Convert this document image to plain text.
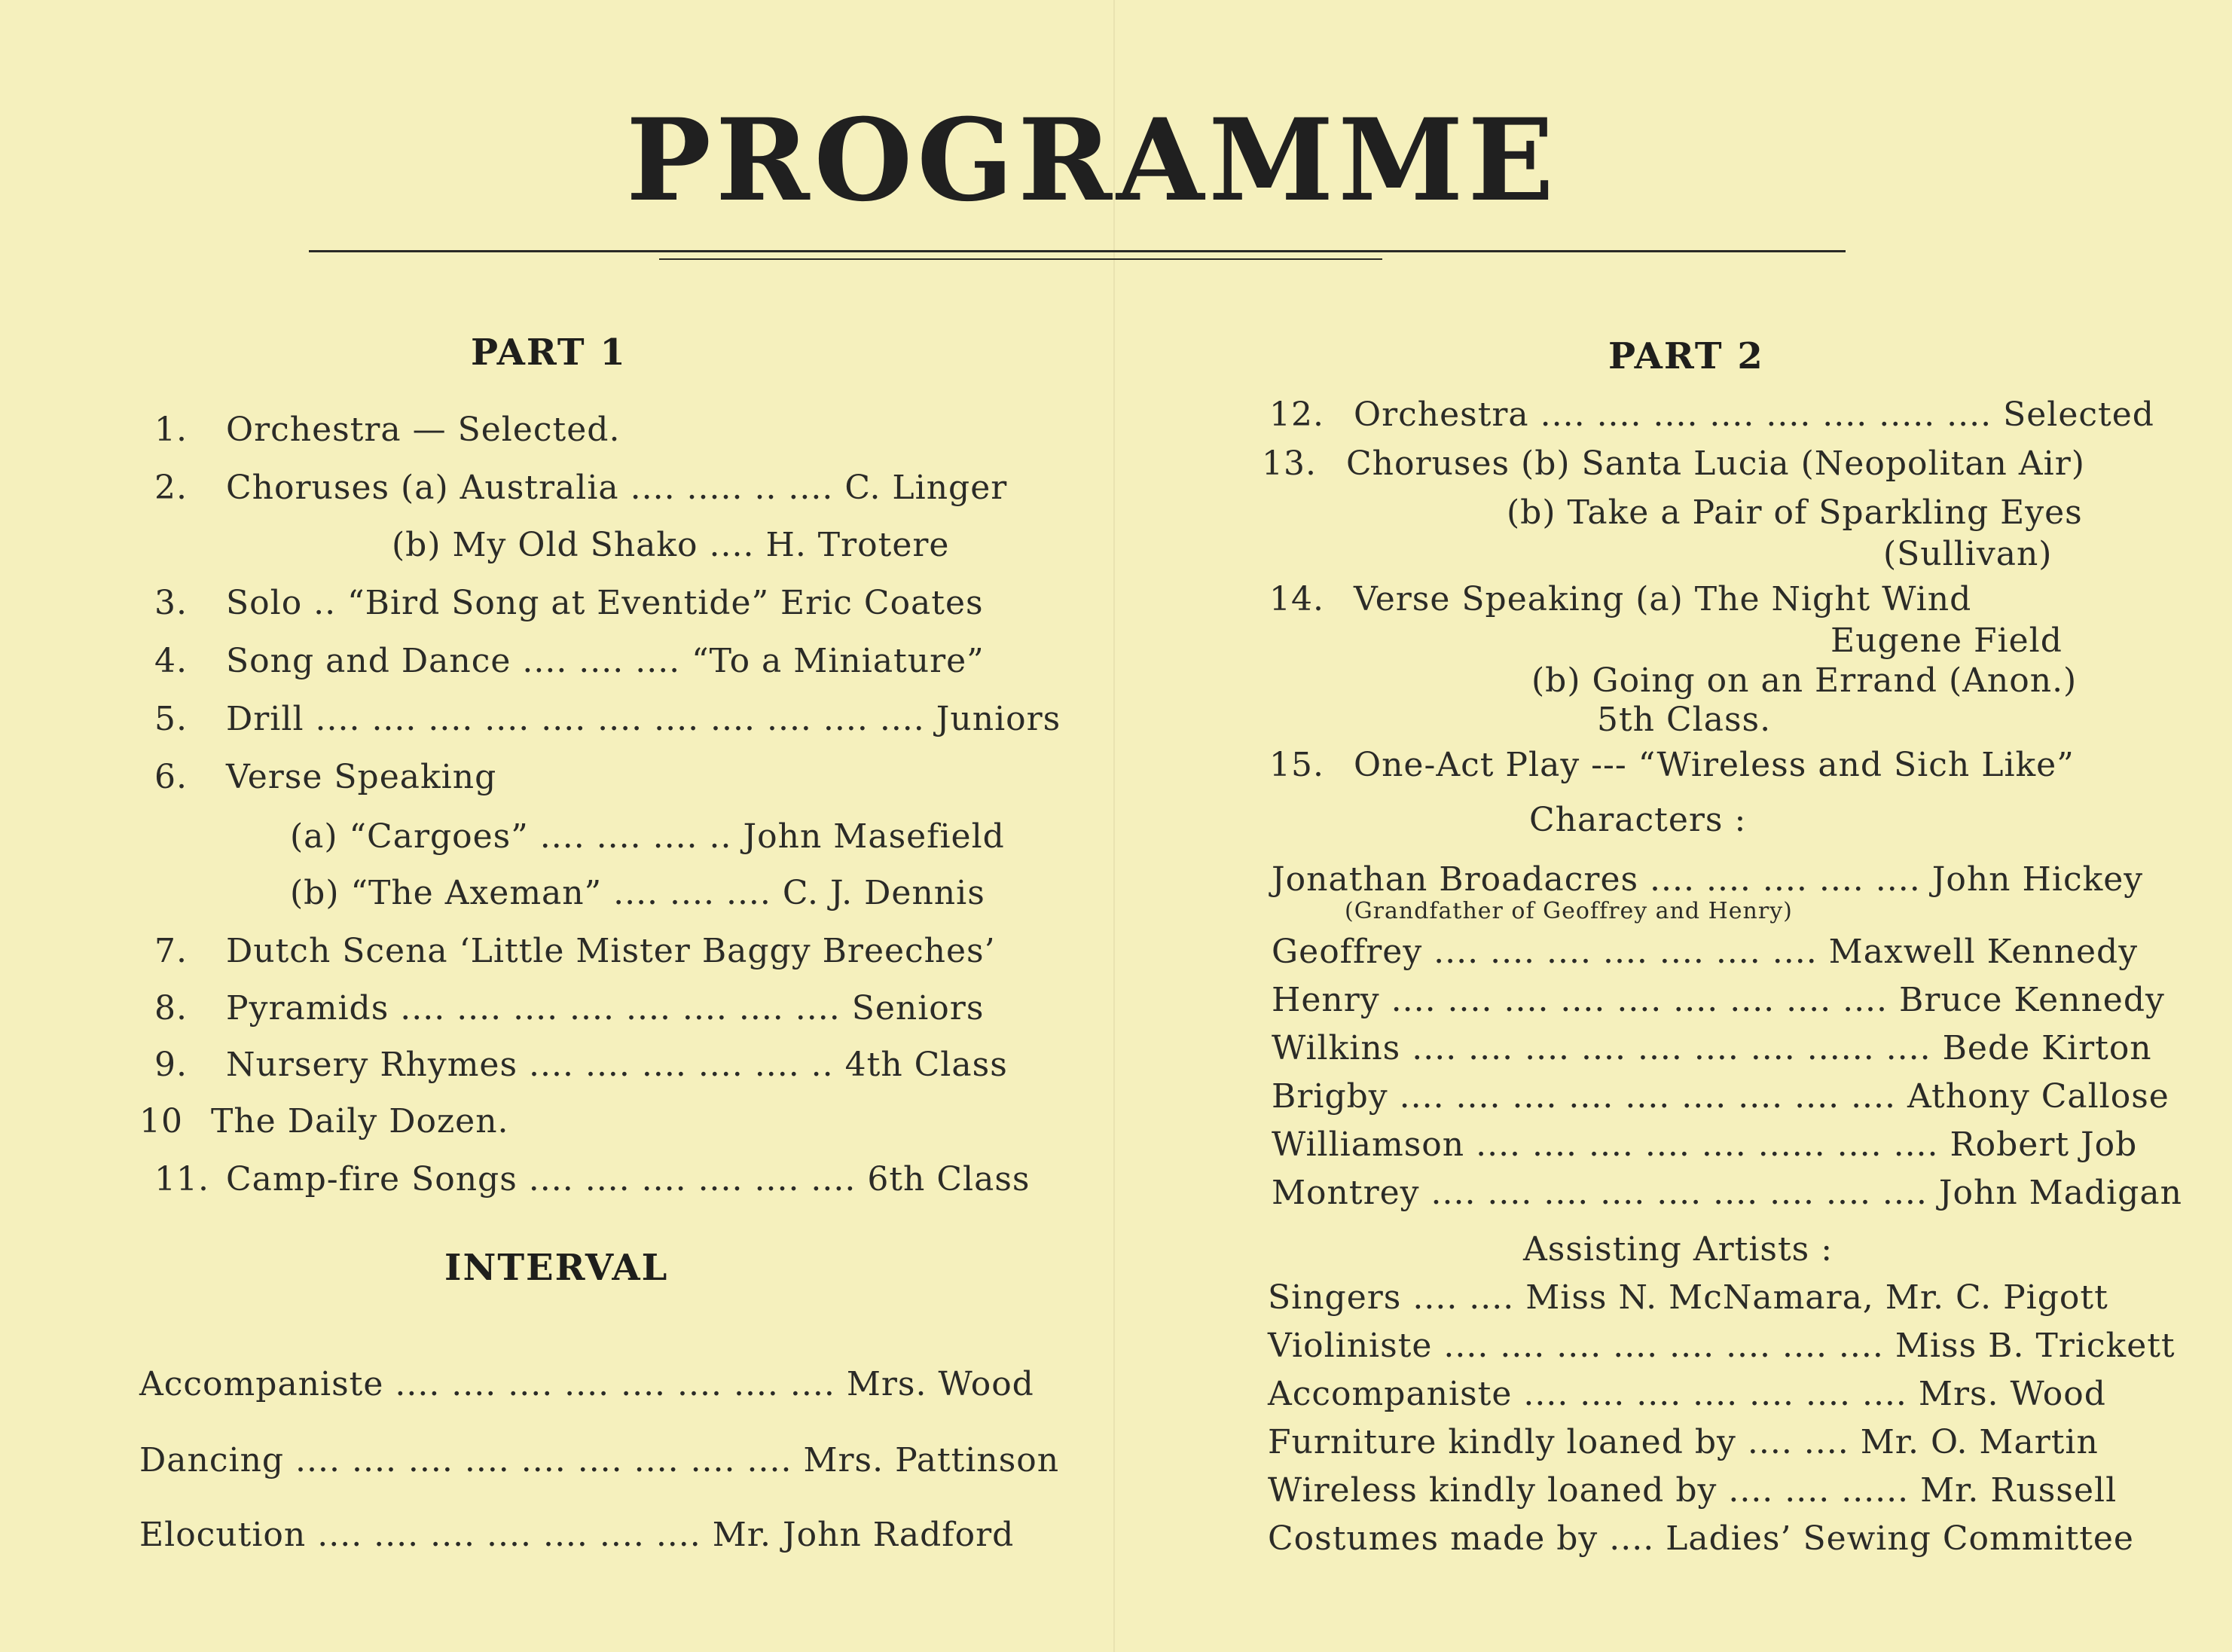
PROGRAMME
PART 1
1.	Orchestra — Selected.
2.	Choruses (a) Australia .... ..... .. .... C. Linger
(b) My Old Shako .... H. Trotere
3.	Solo .. “Bird Song at Eventide” Eric Coates
4.	Song and Dance .... .... .... “To a Miniature”
5.	Drill .... .... .... .... .... .... .... .... .... .... .... Juniors
6.	Verse Speaking
(a) “Cargoes” .... .... .... .. John Masefield
(b) “The Axeman” .... .... .... C. J. Dennis
7.	Dutch Scena ‘Little Mister Baggy Breeches’
8.	Pyramids .... .... .... .... .... .... .... .... Seniors
9.	Nursery Rhymes .... .... .... .... .... .. 4th Class
10 The Daily Dozen.
11. Camp-fire Songs .... .... .... .... .... .... 6th Class
INTERVAL
Accompaniste .... .... .... .... .... .... .... .... Mrs. Wood
Dancing .... .... .... .... .... .... .... .... .... Mrs. Pattinson
Elocution .... .... .... .... .... .... .... Mr. John Radford
PART 2
12. Orchestra .... .... .... .... .... .... ..... .... Selected
13. Choruses (b) Santa Lucia (Neopolitan Air)
(b) Take a Pair of Sparkling Eyes
(Sullivan)
14. Verse Speaking (a) The Night Wind
Eugene Field
(b) Going on an Errand (Anon.)
5th Class.
15. One-Act Play --- “Wireless and Sich Like”
Characters :
Jonathan Broadacres .... .... .... .... .... John Hickey
(Grandfather of Geoffrey and Henry)
Geoffrey .... .... .... .... .... .... .... Maxwell Kennedy
Henry .... .... .... .... .... .... .... .... .... Bruce Kennedy
Wilkins .... .... .... .... .... .... .... ...... .... Bede Kirton
Brigby .... .... .... .... .... .... .... .... .... Athony Callose
Williamson .... .... .... .... .... ...... .... .... Robert Job
Montrey .... .... .... .... .... .... .... .... .... John Madigan
Assisting Artists :
Singers .... .... Miss N. McNamara, Mr. C. Pigott
Violiniste .... .... .... .... .... .... .... .... Miss B. Trickett
Accompaniste .... .... .... .... .... .... .... Mrs. Wood
Furniture kindly loaned by .... .... Mr. O. Martin
Wireless kindly loaned by .... .... ...... Mr. Russell
Costumes made by .... Ladies’ Sewing Committee
